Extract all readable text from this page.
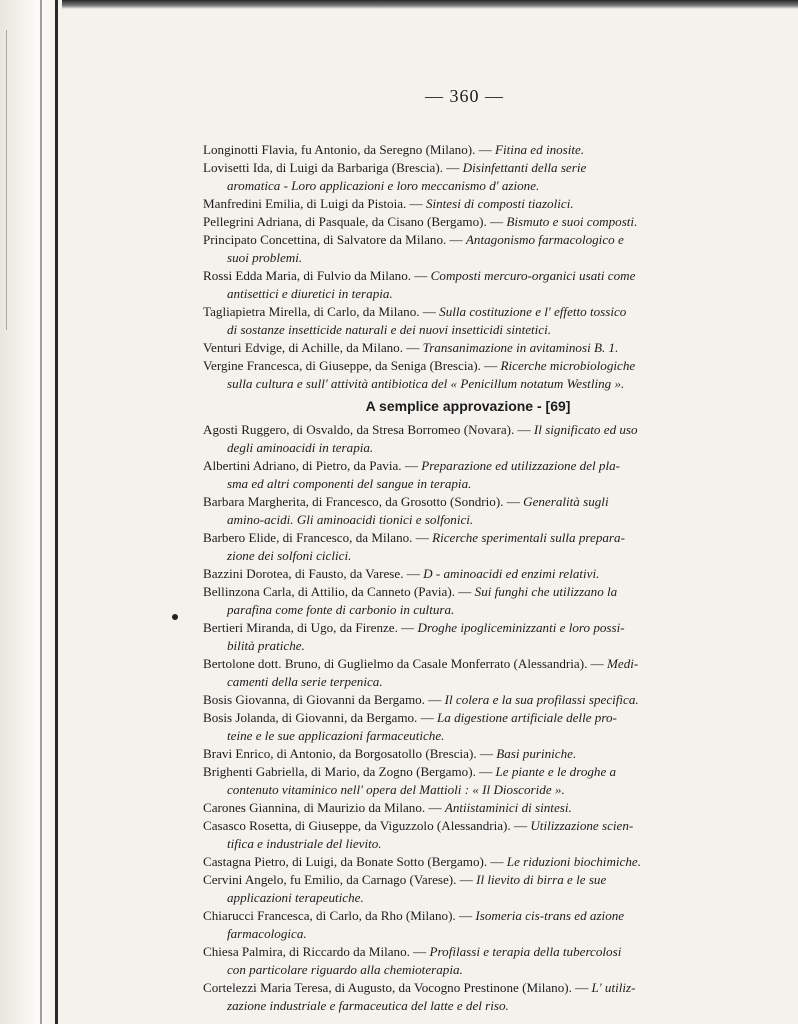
— 360 —
Longinotti Flavia, fu Antonio, da Seregno (Milano). — Fitina ed inosite.
Lovisetti Ida, di Luigi da Barbariga (Brescia). — Disinfettanti della serie
aromatica - Loro applicazioni e loro meccanismo d' azione.
Manfredini Emilia, di Luigi da Pistoia. — Sintesi di composti tiazolici.
Pellegrini Adriana, di Pasquale, da Cisano (Bergamo). — Bismuto e suoi composti.
Principato Concettina, di Salvatore da Milano. — Antagonismo farmacologico e
suoi problemi.
Rossi Edda Maria, di Fulvio da Milano. — Composti mercuro-organici usati come
antisettici e diuretici in terapia.
Tagliapietra Mirella, di Carlo, da Milano. — Sulla costituzione e l' effetto tossico
di sostanze insetticide naturali e dei nuovi insetticidi sintetici.
Venturi Edvige, di Achille, da Milano. — Transanimazione in avitaminosi B. 1.
Vergine Francesca, di Giuseppe, da Seniga (Brescia). — Ricerche microbiologiche
sulla cultura e sull' attività antibiotica del « Penicillum notatum Westling ».
A semplice approvazione - [69]
Agosti Ruggero, di Osvaldo, da Stresa Borromeo (Novara). — Il significato ed uso
degli aminoacidi in terapia.
Albertini Adriano, di Pietro, da Pavia. — Preparazione ed utilizzazione del pla-
sma ed altri componenti del sangue in terapia.
Barbara Margherita, di Francesco, da Grosotto (Sondrio). — Generalità sugli
amino-acidi. Gli aminoacidi tionici e solfonici.
Barbero Elide, di Francesco, da Milano. — Ricerche sperimentali sulla prepara-
zione dei solfoni ciclici.
Bazzini Dorotea, di Fausto, da Varese. — D - aminoacidi ed enzimi relativi.
Bellinzona Carla, di Attilio, da Canneto (Pavia). — Sui funghi che utilizzano la
parafina come fonte di carbonio in cultura.
Bertieri Miranda, di Ugo, da Firenze. — Droghe ipogliceminizzanti e loro possi-
bilità pratiche.
Bertolone dott. Bruno, di Guglielmo da Casale Monferrato (Alessandria). — Medi-
camenti della serie terpenica.
Bosis Giovanna, di Giovanni da Bergamo. — Il colera e la sua profilassi specifica.
Bosis Jolanda, di Giovanni, da Bergamo. — La digestione artificiale delle pro-
teine e le sue applicazioni farmaceutiche.
Bravi Enrico, di Antonio, da Borgosatollo (Brescia). — Basi puriniche.
Brighenti Gabriella, di Mario, da Zogno (Bergamo). — Le piante e le droghe a
contenuto vitaminico nell' opera del Mattioli : « Il Dioscoride ».
Carones Giannina, di Maurizio da Milano. — Antiistaminici di sintesi.
Casasco Rosetta, di Giuseppe, da Viguzzolo (Alessandria). — Utilizzazione scien-
tifica e industriale del lievito.
Castagna Pietro, di Luigi, da Bonate Sotto (Bergamo). — Le riduzioni biochimiche.
Cervini Angelo, fu Emilio, da Carnago (Varese). — Il lievito di birra e le sue
applicazioni terapeutiche.
Chiarucci Francesca, di Carlo, da Rho (Milano). — Isomeria cis-trans ed azione
farmacologica.
Chiesa Palmira, di Riccardo da Milano. — Profilassi e terapia della tubercolosi
con particolare riguardo alla chemioterapia.
Cortelezzi Maria Teresa, di Augusto, da Vocogno Prestinone (Milano). — L' utiliz-
zazione industriale e farmaceutica del latte e del riso.
